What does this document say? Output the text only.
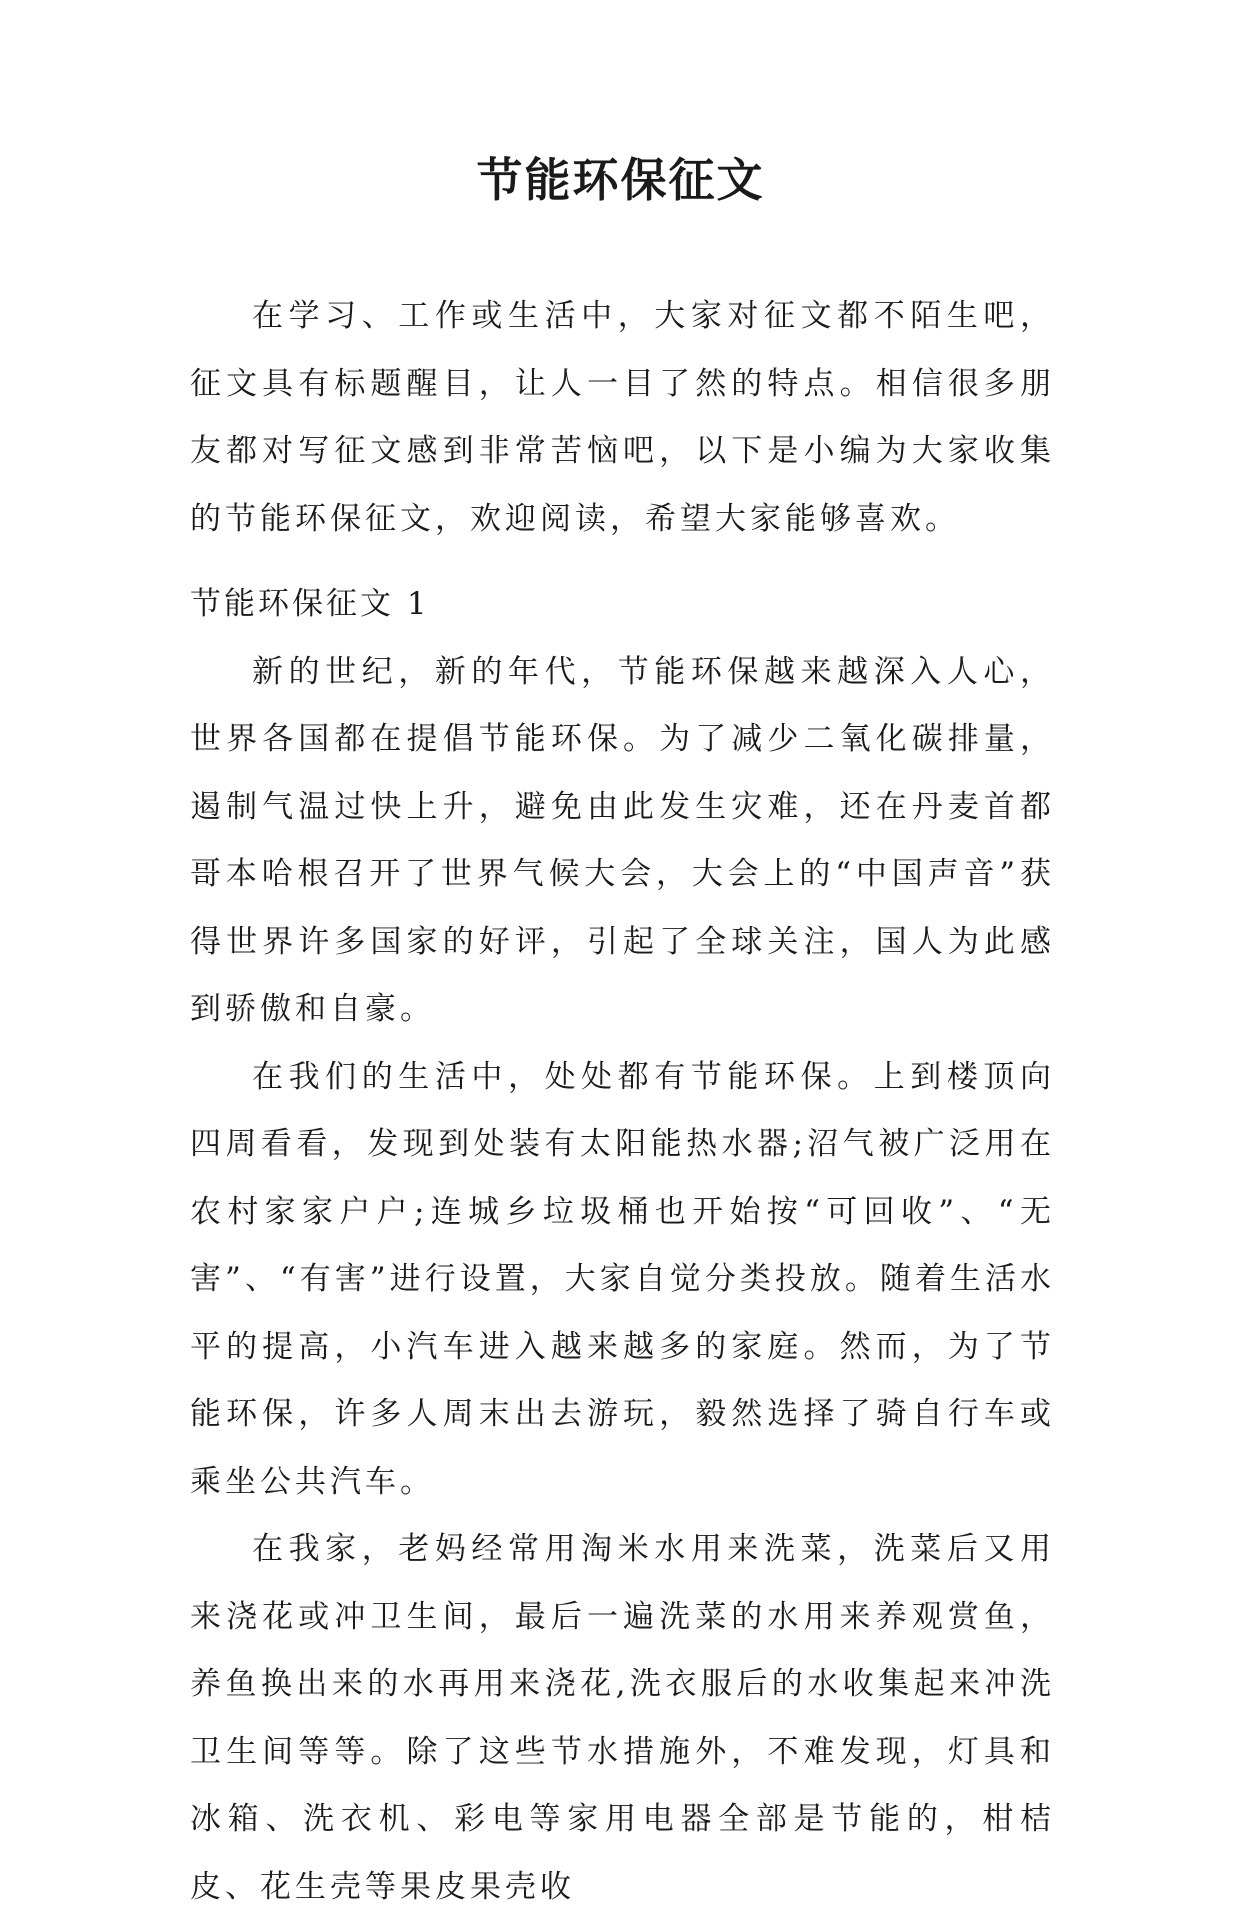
节能环保征文

在学习、工作或生活中，大家对征文都不陌生吧，征文具有标题醒目，让人一目了然的特点。相信很多朋友都对写征文感到非常苦恼吧，以下是小编为大家收集的节能环保征文，欢迎阅读，希望大家能够喜欢。

节能环保征文 1

新的世纪，新的年代，节能环保越来越深入人心，世界各国都在提倡节能环保。为了减少二氧化碳排量，遏制气温过快上升，避免由此发生灾难，还在丹麦首都哥本哈根召开了世界气候大会，大会上的“中国声音”获得世界许多国家的好评，引起了全球关注，国人为此感到骄傲和自豪。

在我们的生活中，处处都有节能环保。上到楼顶向四周看看，发现到处装有太阳能热水器;沼气被广泛用在农村家家户户;连城乡垃圾桶也开始按“可回收”、“无害”、“有害”进行设置，大家自觉分类投放。随着生活水平的提高，小汽车进入越来越多的家庭。然而，为了节能环保，许多人周末出去游玩，毅然选择了骑自行车或乘坐公共汽车。

在我家，老妈经常用淘米水用来洗菜，洗菜后又用来浇花或冲卫生间，最后一遍洗菜的水用来养观赏鱼，养鱼换出来的水再用来浇花,洗衣服后的水收集起来冲洗卫生间等等。除了这些节水措施外，不难发现，灯具和冰箱、洗衣机、彩电等家用电器全部是节能的，柑桔皮、花生壳等果皮果壳收
